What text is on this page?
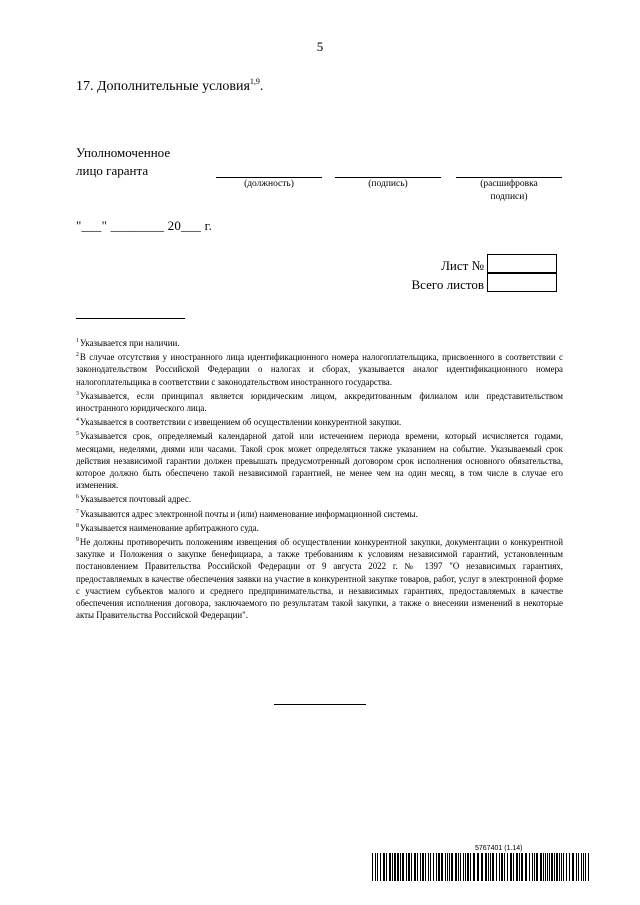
5
17. Дополнительные условия$^{1,9}$.
Уполномоченное
лицо гаранта
(должность)	(подпись)	(расшифровка
подписи)
"___" ________ 20___ г.
Лист №
Всего листов

$^1$Указывается при наличии.

$^2$В случае отсутствия у иностранного лица идентификационного номера налогоплательщика, присвоенного в соответствии с законодательством Российской Федерации о налогах и сборах, указывается аналог идентификационного номера налогоплательщика в соответствии с законодательством иностранного государства.

$^3$Указывается, если принципал является юридическим лицом, аккредитованным филиалом или представительством иностранного юридического лица.

$^4$Указывается в соответствии с извещением об осуществлении конкурентной закупки.

$^5$Указывается срок, определяемый календарной датой или истечением периода времени, который исчисляется годами, месяцами, неделями, днями или часами. Такой срок может определяться также указанием на событие. Указываемый срок действия независимой гарантии должен превышать предусмотренный договором срок исполнения основного обязательства, которое должно быть обеспечено такой независимой гарантией, не менее чем на один месяц, в том числе в случае его изменения.

$^6$Указывается почтовый адрес.

$^7$Указываются адрес электронной почты и (или) наименование информационной системы.

$^8$Указывается наименование арбитражного суда.

$^9$Не должны противоречить положениям извещения об осуществлении конкурентной закупки, документации о конкурентной закупке и Положения о закупке бенефициара, а также требованиям к условиям независимой гарантий, установленным постановлением Правительства Российской Федерации от 9 августа 2022 г. № 1397 "О независимых гарантиях, предоставляемых в качестве обеспечения заявки на участие в конкурентной закупке товаров, работ, услуг в электронной форме с участием субъектов малого и среднего предпринимательства, и независимых гарантиях, предоставляемых в качестве обеспечения исполнения договора, заключаемого по результатам такой закупки, а также о внесении изменений в некоторые акты Правительства Российской Федерации".

5767401 (1.14)
